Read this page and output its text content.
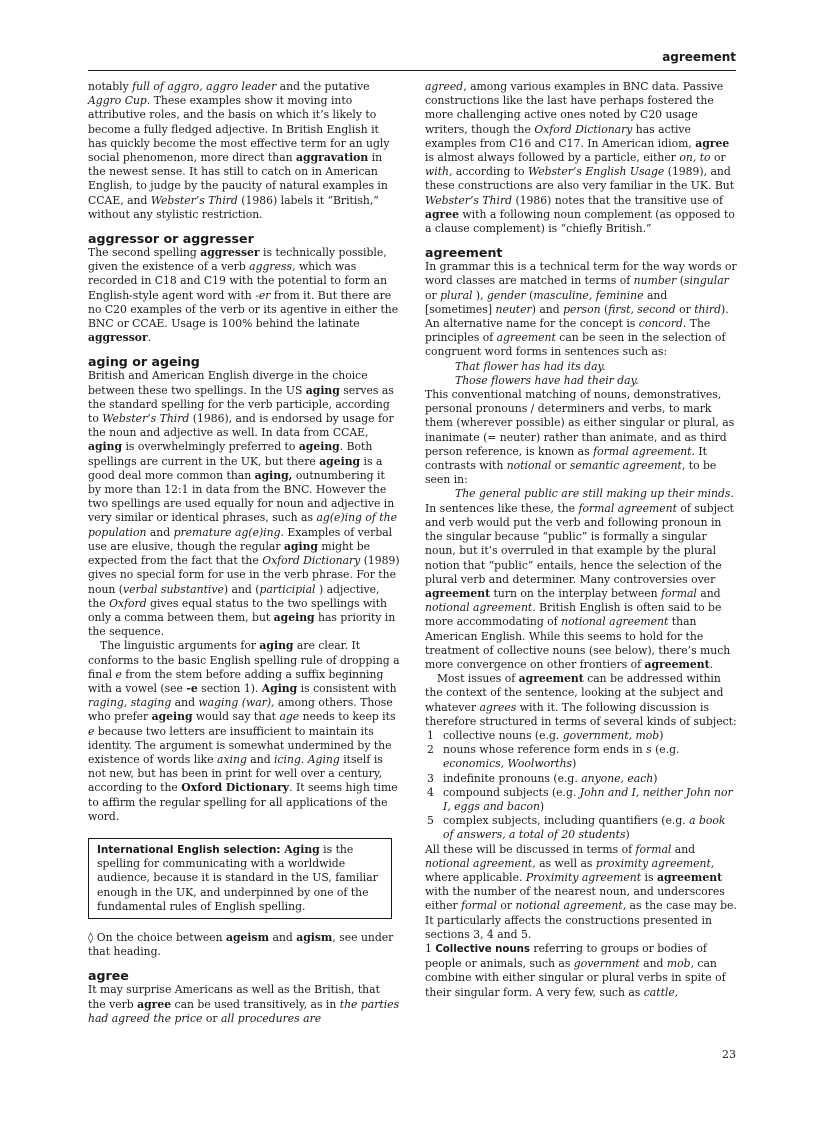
agreement

notably full of aggro, aggro leader and the putative Aggro Cup. These examples show it moving into attributive roles, and the basis on which it’s likely to become a fully fledged adjective. In British English it has quickly become the most effective term for an ugly social phenomenon, more direct than aggravation in the newest sense. It has still to catch on in American English, to judge by the paucity of natural examples in CCAE, and Webster’s Third (1986) labels it “British,” without any stylistic restriction.

aggressor or aggresser

The second spelling aggresser is technically possible, given the existence of a verb aggress, which was recorded in C18 and C19 with the potential to form an English-style agent word with -er from it. But there are no C20 examples of the verb or its agentive in either the BNC or CCAE. Usage is 100% behind the latinate aggressor.

aging or ageing

British and American English diverge in the choice between these two spellings. In the US aging serves as the standard spelling for the verb participle, according to Webster’s Third (1986), and is endorsed by usage for the noun and adjective as well. In data from CCAE, aging is overwhelmingly preferred to ageing. Both spellings are current in the UK, but there ageing is a good deal more common than aging, outnumbering it by more than 12:1 in data from the BNC. However the two spellings are used equally for noun and adjective in very similar or identical phrases, such as ag(e)ing of the population and premature ag(e)ing. Examples of verbal use are elusive, though the regular aging might be expected from the fact that the Oxford Dictionary (1989) gives no special form for use in the verb phrase. For the noun (verbal substantive) and (participial ) adjective, the Oxford gives equal status to the two spellings with only a comma between them, but ageing has priority in the sequence.

The linguistic arguments for aging are clear. It conforms to the basic English spelling rule of dropping a final e from the stem before adding a suffix beginning with a vowel (see -e section 1). Aging is consistent with raging, staging and waging (war), among others. Those who prefer ageing would say that age needs to keep its e because two letters are insufficient to maintain its identity. The argument is somewhat undermined by the existence of words like axing and icing. Aging itself is not new, but has been in print for well over a century, according to the Oxford Dictionary. It seems high time to affirm the regular spelling for all applications of the word.

International English selection: Aging is the spelling for communicating with a worldwide audience, because it is standard in the US, familiar enough in the UK, and underpinned by one of the fundamental rules of English spelling.

◊ On the choice between ageism and agism, see under that heading.

agree

It may surprise Americans as well as the British, that the verb agree can be used transitively, as in the parties had agreed the price or all procedures are

agreed, among various examples in BNC data. Passive constructions like the last have perhaps fostered the more challenging active ones noted by C20 usage writers, though the Oxford Dictionary has active examples from C16 and C17. In American idiom, agree is almost always followed by a particle, either on, to or with, according to Webster’s English Usage (1989), and these constructions are also very familiar in the UK. But Webster’s Third (1986) notes that the transitive use of agree with a following noun complement (as opposed to a clause complement) is “chiefly British.”

agreement

In grammar this is a technical term for the way words or word classes are matched in terms of number (singular or plural ), gender (masculine, feminine and [sometimes] neuter) and person (first, second or third). An alternative name for the concept is concord. The principles of agreement can be seen in the selection of congruent word forms in sentences such as:

That flower has had its day.

Those flowers have had their day.

This conventional matching of nouns, demonstratives, personal pronouns / determiners and verbs, to mark them (wherever possible) as either singular or plural, as inanimate (= neuter) rather than animate, and as third person reference, is known as formal agreement. It contrasts with notional or semantic agreement, to be seen in:

The general public are still making up their minds.

In sentences like these, the formal agreement of subject and verb would put the verb and following pronoun in the singular because “public” is formally a singular noun, but it’s overruled in that example by the plural notion that “public” entails, hence the selection of the plural verb and determiner. Many controversies over agreement turn on the interplay between formal and notional agreement. British English is often said to be more accommodating of notional agreement than American English. While this seems to hold for the treatment of collective nouns (see below), there’s much more convergence on other frontiers of agreement.

Most issues of agreement can be addressed within the context of the sentence, looking at the subject and whatever agrees with it. The following discussion is therefore structured in terms of several kinds of subject:

1 collective nouns (e.g. government, mob)
2 nouns whose reference form ends in s (e.g. economics, Woolworths)
3 indefinite pronouns (e.g. anyone, each)
4 compound subjects (e.g. John and I, neither John nor I, eggs and bacon)
5 complex subjects, including quantifiers (e.g. a book of answers, a total of 20 students)

All these will be discussed in terms of formal and notional agreement, as well as proximity agreement, where applicable. Proximity agreement is agreement with the number of the nearest noun, and underscores either formal or notional agreement, as the case may be. It particularly affects the constructions presented in sections 3, 4 and 5.

1 Collective nouns referring to groups or bodies of people or animals, such as government and mob, can combine with either singular or plural verbs in spite of their singular form. A very few, such as cattle,

23
